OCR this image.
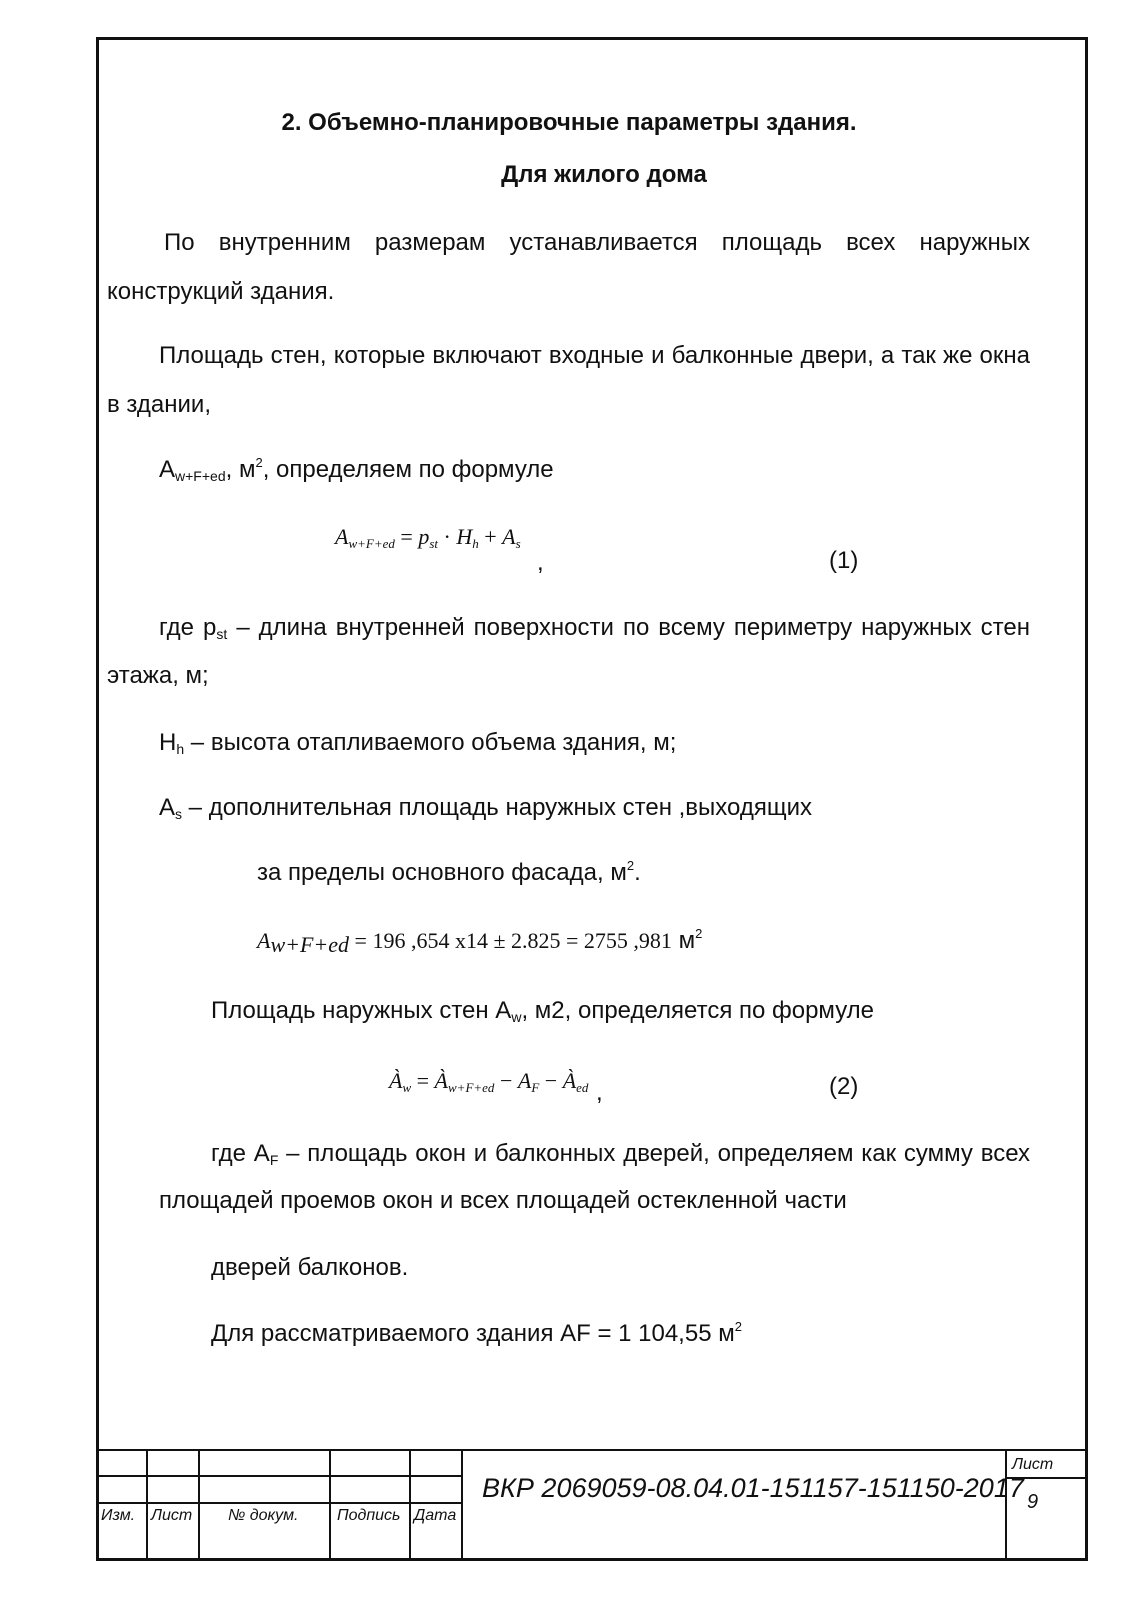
2. Объемно-планировочные параметры здания.
Для жилого дома
По внутренним размерам устанавливается площадь всех наружных
конструкций здания.
Площадь стен, которые включают входные и балконные двери, а так же окна
в здании,
$A_{w+F+ed}$, $м^2$, определяем по формуле
$A_{w+F+ed} = p_{st} \cdot H_h + A_s$
,	(1)
где $p_{st}$ – длина внутренней поверхности по всему периметру наружных стен
этажа, м;
$H_h$ – высота отапливаемого объема здания, м;
$A_s$ – дополнительная площадь наружных стен ,выходящих
за пределы основного фасада, $м^2$.
$A_{w+F+ed} = 196$ ,654 x14 ± 2.825 = 2755 ,981 $м^2$
Площадь наружных стен $A_w$, м2, определяется по формуле
$À_w$ = $À_{w+F+ed} - A_F$ − $À_{ed}$ ,	(2)
где $A_F$ – площадь окон и балконных дверей, определяем как сумму всех
площадей проемов окон и всех площадей остекленной части
дверей балконов.
Для рассматриваемого здания AF = 1 104,55 $м^2$
Изм. Лист № докум. Подпись Дата
ВКР 2069059-08.04.01-151157-151150-2017
Лист
9
